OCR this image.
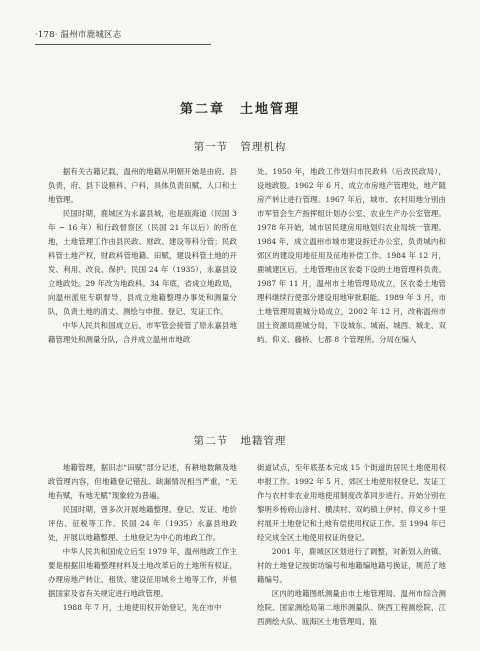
·178· 温州市鹿城区志
第二章　土地管理
第一节 管理机构

据有关古籍记载，温州的地籍从明朝开始是由府、县负责，府、县下设粮科、户科，具体负责田赋、人口和土地管理。

民国时期，鹿城区为永嘉县城，也是瓯海道（民国 3 年 ~ 16 年）和行政督察区（民国 21 年以后）的所在地，土地管理工作由县民政、财政、建设等科分管；民政科管土地产权，财政科管地籍、田赋，建设科管土地的开发、利用、改良、保护。民国 24 年（1935），永嘉县设立地政处。29 年改为地政科。34 年底，省成立地政局，向温州派驻专职督导，县成立地籍整理办事处和测量分队，负责土地的清丈、测绘与申报、登记、发证工作。

中华人民共和国成立后，市军管会接管了原永嘉县地籍管理处和测量分队，合并成立温州市地政

处。1950 年，地政工作划归市民政科（后改民政局），设地政股。1962 年 6 月，成立市房地产管理处，地产随房产转让进行管理。1967 年后，城市、农村用地分别由市军管会生产指挥组计划办公室、农业生产办公室管理。1978 年开始，城市居民建房用地划归农业局统一管理。1984 年，成立温州市城市建设拆迁办公室，负责城内和郊区的建设用地征用及征地补偿工作。1984 年 12 月，鹿城建区后，土地管理由区农委下设的土地管理科负责。1987 年 11 月，温州市土地管理局成立，区农委土地管理科继续行使部分建设用地审批职能。1989 年 3 月，市土地管理局鹿城分局成立，2002 年 12 月，改称温州市国土资源局鹿城分局，下设城东、城南、城西、城北、双屿、仰义、藤桥、七都 8 个管理所。分局在编人

第二节 地籍管理

地籍管理，据旧志“田赋”部分记述，有耕地数额及地政管理内容，但地籍登记错乱、缺漏情况相当严重，“无地有赋，有地无赋”现象较为普遍。

民国时期，曾多次开展地籍整理、登记、发证、地价评估、征税等工作。民国 24 年（1935）永嘉县地政处，开展以地籍整理、土地登记为中心的地政工作。

中华人民共和国成立后至 1979 年，温州地政工作主要是根据旧地籍整理材料及土地改革后的土地所有权证，办理房地产转让、租赁、建设征用城乡土地等工作，并根据国家及省有关规定进行地政管理。

1988 年 7 月，土地使用权开始登记，先在市中

街道试点，至年底基本完成 15 个街道的居民土地使用权申报工作。1992 年 5 月，郊区土地使用权登记、发证工作与农村非农业用地使用制度改革同步进行。开始分别在黎明乡杨府山涂村、横渎村、双屿镇上伊村、仰义乡十里村展开土地登记和土地有偿使用权证工作。至 1994 年已经完成全区土地使用权证的登记。

2001 年，鹿城区区划进行了调整，对新划入的镇、村的土地登记按街坊编号和地籍编地籍号换证，规范了地籍编号。

区内的地籍图纸测量由市土地管理局、温州市综合测绘院、国家测绘局第二地形测量队、陕西工程测绘院、江西测绘大队、瓯海区土地管理局、瓯
